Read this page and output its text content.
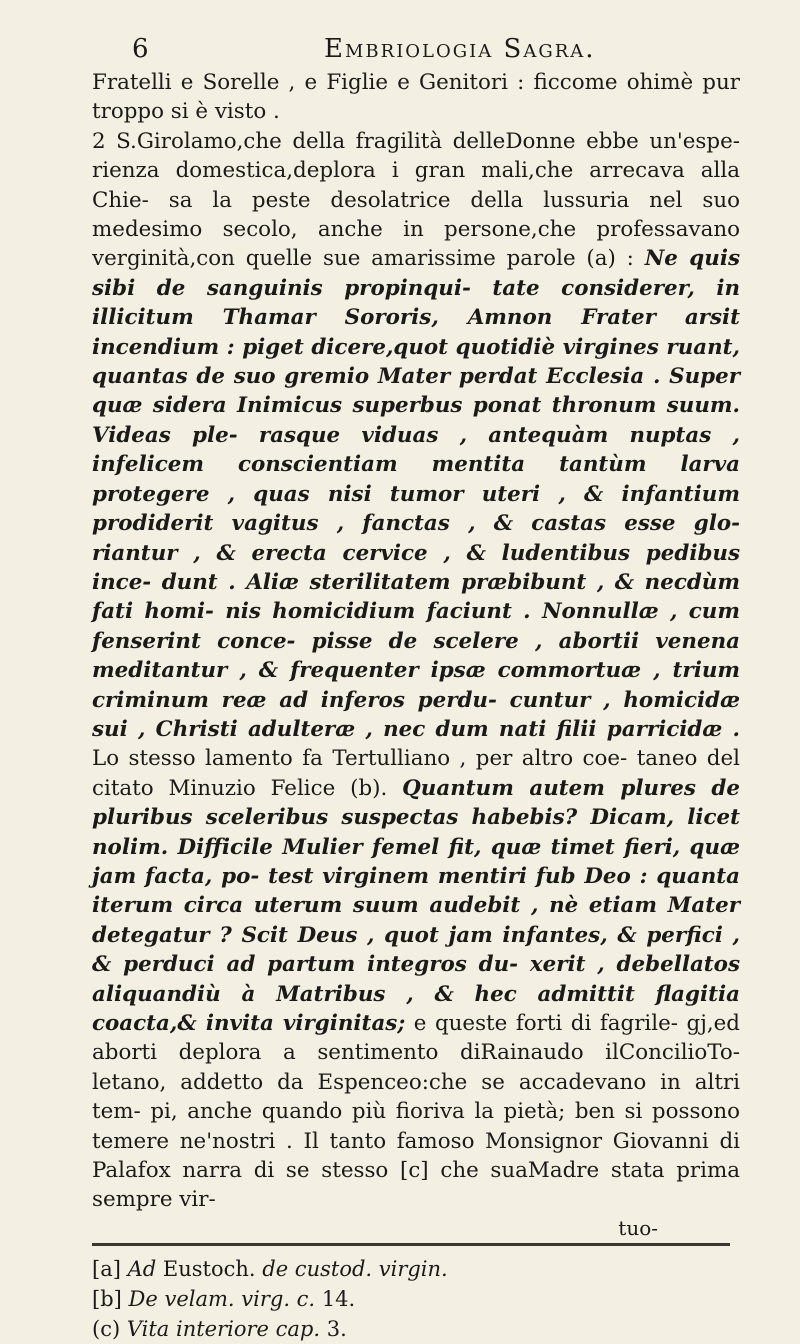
6	Embriologia Sagra.

Fratelli e Sorelle , e Figlie e Genitori : ficcome ohimè pur troppo si è visto .

2 S.Girolamo,che della fragilità delleDonne ebbe un'espe- rienza domestica,deplora i gran mali,che arrecava alla Chie- sa la peste desolatrice della lussuria nel suo medesimo secolo, anche in persone,che professavano verginità,con quelle sue amarissime parole (a) : Ne quis sibi de sanguinis propinqui- tate considerer, in illicitum Thamar Sororis, Amnon Frater arsit incendium : piget dicere,quot quotidiè virgines ruant, quantas de suo gremio Mater perdat Ecclesia . Super quæ sidera Inimicus superbus ponat thronum suum. Videas ple- rasque viduas , antequàm nuptas , infelicem conscientiam mentita tantùm larva protegere , quas nisi tumor uteri , & infantium prodiderit vagitus , fanctas , & castas esse glo- riantur , & erecta cervice , & ludentibus pedibus ince- dunt . Aliæ sterilitatem præbibunt , & necdùm fati homi- nis homicidium faciunt . Nonnullæ , cum fenserint conce- pisse de scelere , abortii venena meditantur , & frequenter ipsæ commortuæ , trium criminum reæ ad inferos perdu- cuntur , homicidæ sui , Christi adulteræ , nec dum nati filii parricidæ . Lo stesso lamento fa Tertulliano , per altro coe- taneo del citato Minuzio Felice (b). Quantum autem plures de pluribus sceleribus suspectas habebis? Dicam, licet nolim. Difficile Mulier femel fit, quæ timet fieri, quæ jam facta, po- test virginem mentiri fub Deo : quanta iterum circa uterum suum audebit , nè etiam Mater detegatur ? Scit Deus , quot jam infantes, & perfici , & perduci ad partum integros du- xerit , debellatos aliquandiù à Matribus , & hec admittit flagitia coacta,& invita virginitas; e queste forti di fagrile- gj,ed aborti deplora a sentimento diRainaudo ilConcilioTo- letano, addetto da Espenceo:che se accadevano in altri tem- pi, anche quando più fioriva la pietà; ben si possono temere ne'nostri . Il tanto famoso Monsignor Giovanni di Palafox narra di se stesso [c] che suaMadre stata prima sempre vir-

tuo-
[a] Ad Eustoch. de custod. virgin.
[b] De velam. virg. c. 14.
(c) Vita interiore cap. 3.
